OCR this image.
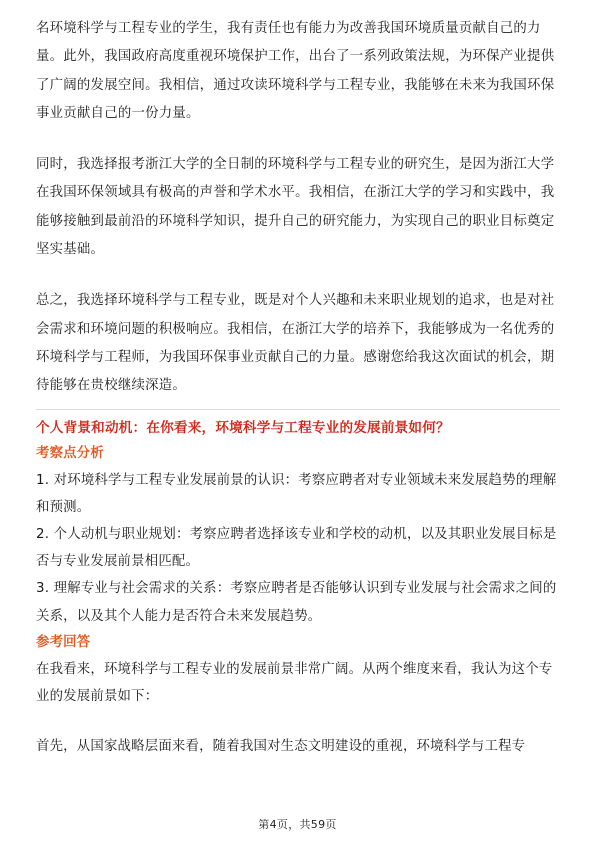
名环境科学与工程专业的学生，我有责任也有能力为改善我国环境质量贡献自己的力量。此外，我国政府高度重视环境保护工作，出台了一系列政策法规，为环保产业提供了广阔的发展空间。我相信，通过攻读环境科学与工程专业，我能够在未来为我国环保事业贡献自己的一份力量。

同时，我选择报考浙江大学的全日制的环境科学与工程专业的研究生，是因为浙江大学在我国环保领域具有极高的声誉和学术水平。我相信，在浙江大学的学习和实践中，我能够接触到最前沿的环境科学知识，提升自己的研究能力，为实现自己的职业目标奠定坚实基础。

总之，我选择环境科学与工程专业，既是对个人兴趣和未来职业规划的追求，也是对社会需求和环境问题的积极响应。我相信，在浙江大学的培养下，我能够成为一名优秀的环境科学与工程师，为我国环保事业贡献自己的力量。感谢您给我这次面试的机会，期待能够在贵校继续深造。

个人背景和动机：在你看来，环境科学与工程专业的发展前景如何？

考察点分析

1. 对环境科学与工程专业发展前景的认识：考察应聘者对专业领域未来发展趋势的理解和预测。

2. 个人动机与职业规划：考察应聘者选择该专业和学校的动机，以及其职业发展目标是否与专业发展前景相匹配。

3. 理解专业与社会需求的关系：考察应聘者是否能够认识到专业发展与社会需求之间的关系，以及其个人能力是否符合未来发展趋势。

参考回答

在我看来，环境科学与工程专业的发展前景非常广阔。从两个维度来看，我认为这个专业的发展前景如下：

首先，从国家战略层面来看，随着我国对生态文明建设的重视，环境科学与工程专

第4页，共59页
